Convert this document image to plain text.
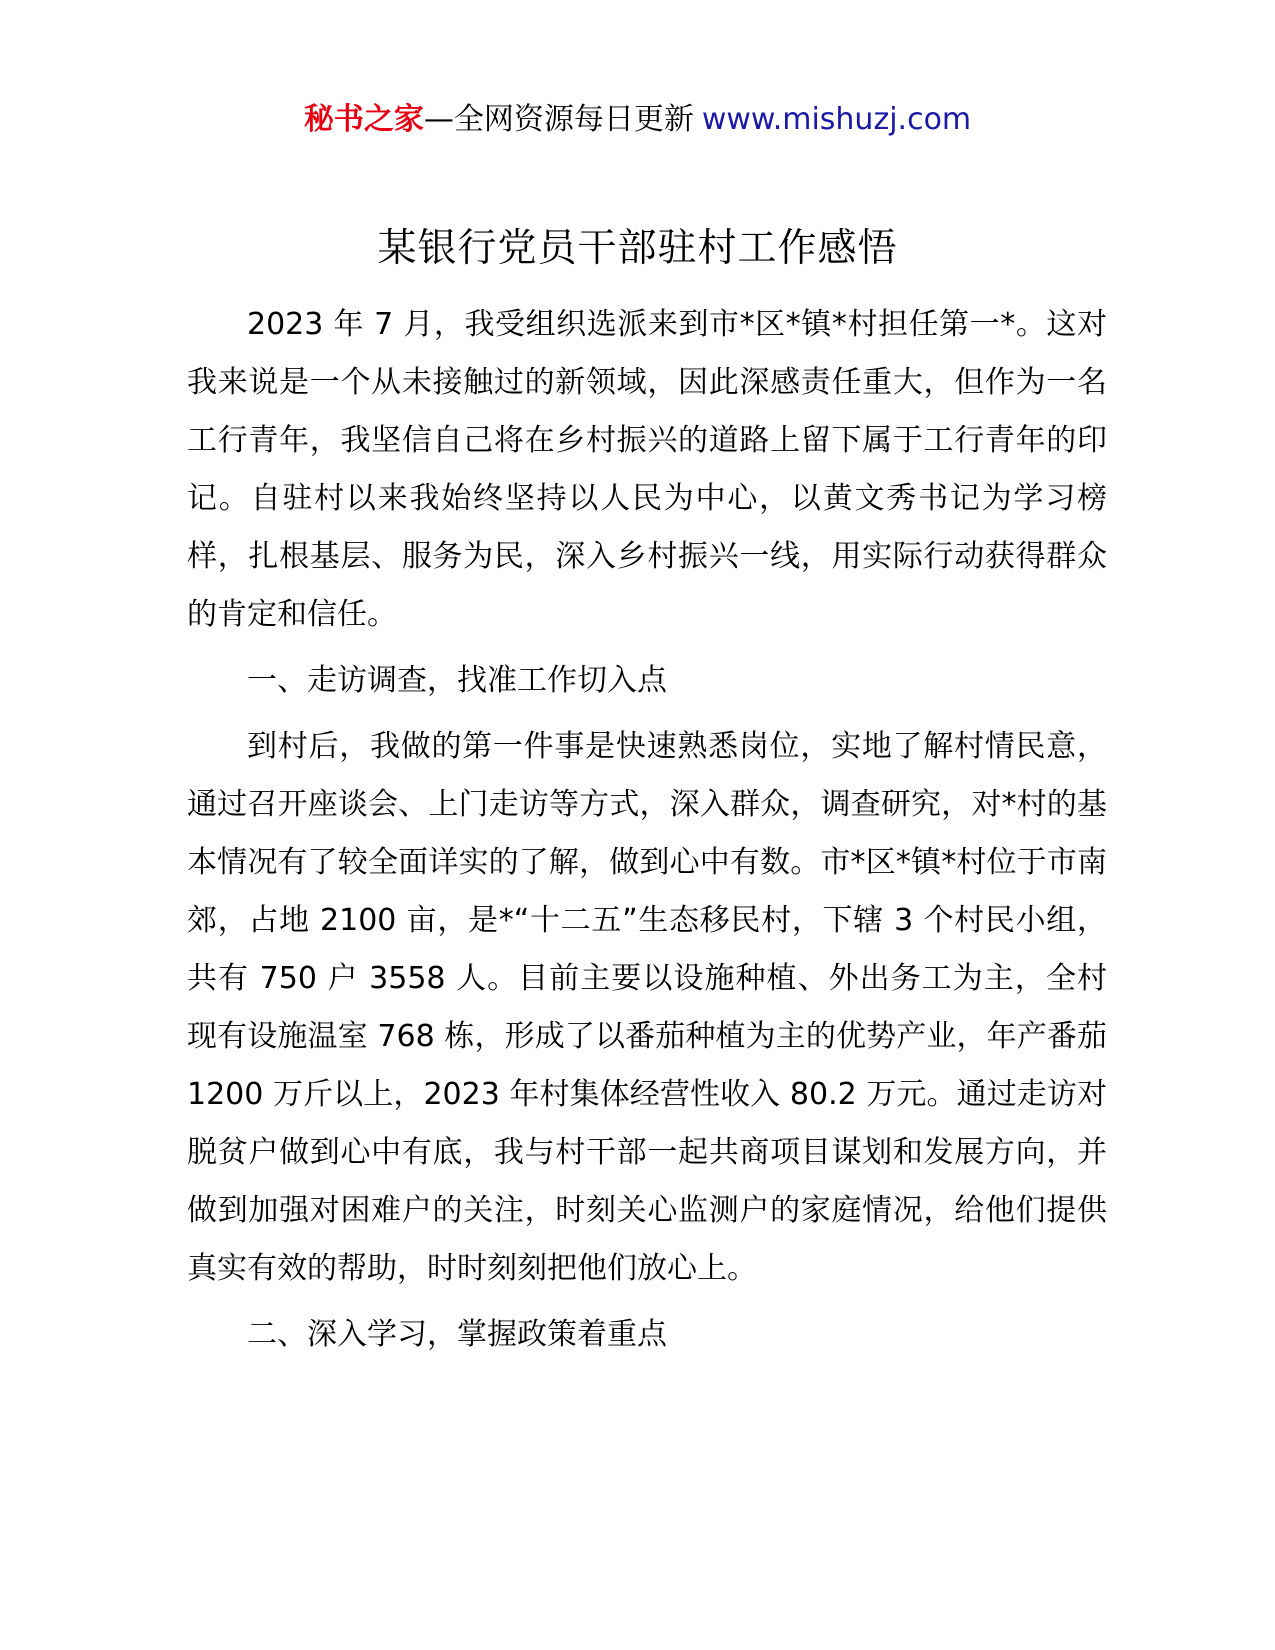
秘书之家—全网资源每日更新 www.mishuzj.com
某银行党员干部驻村工作感悟

2023 年 7 月，我受组织选派来到市*区*镇*村担任第一*。这对我来说是一个从未接触过的新领域，因此深感责任重大，但作为一名工行青年，我坚信自己将在乡村振兴的道路上留下属于工行青年的印记。自驻村以来我始终坚持以人民为中心，以黄文秀书记为学习榜样，扎根基层、服务为民，深入乡村振兴一线，用实际行动获得群众的肯定和信任。

一、走访调查，找准工作切入点

到村后，我做的第一件事是快速熟悉岗位，实地了解村情民意，通过召开座谈会、上门走访等方式，深入群众，调查研究，对*村的基本情况有了较全面详实的了解，做到心中有数。市*区*镇*村位于市南郊，占地 2100 亩，是*“十二五”生态移民村，下辖 3 个村民小组，共有 750 户 3558 人。目前主要以设施种植、外出务工为主，全村现有设施温室 768 栋，形成了以番茄种植为主的优势产业，年产番茄 1200 万斤以上，2023 年村集体经营性收入 80.2 万元。通过走访对脱贫户做到心中有底，我与村干部一起共商项目谋划和发展方向，并做到加强对困难户的关注，时刻关心监测户的家庭情况，给他们提供真实有效的帮助，时时刻刻把他们放心上。

二、深入学习，掌握政策着重点
